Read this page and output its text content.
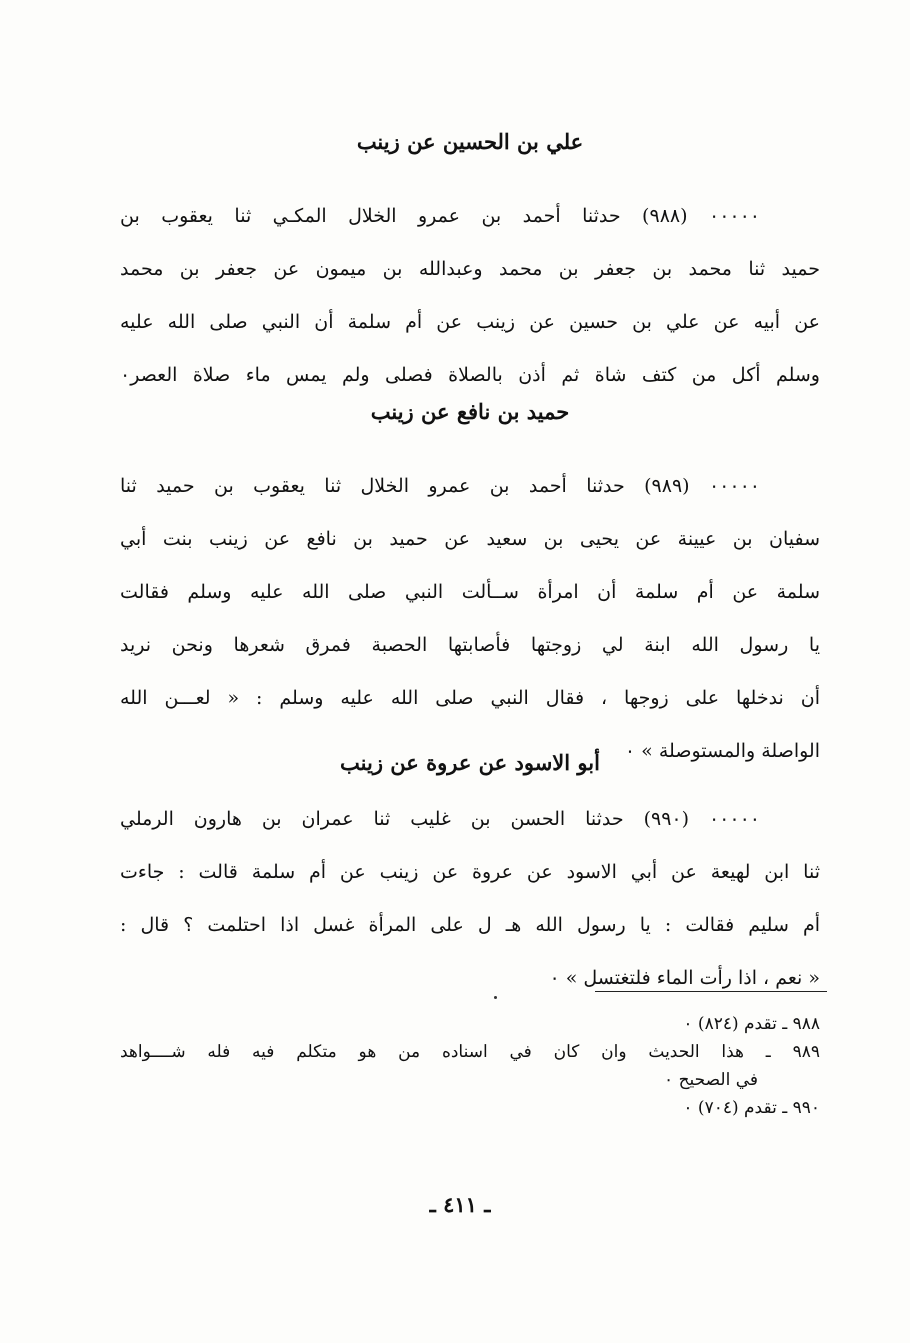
علي بن الحسين عن زينب
٠٠٠٠٠ (٩٨٨) حدثنا أحمد بن عمرو الخلال المكـي ثنا يعقوب بن
حميد ثنا محمد بن جعفر بن محمد وعبدالله بن ميمون عن جعفر بن محمد
عن أبيه عن علي بن حسين عن زينب عن أم سلمة أن النبي صلى الله عليه
وسلم أكل من كتف شاة ثم أذن بالصلاة فصلى ولم يمس ماء صلاة العصر٠
حميد بن نافع عن زينب
٠٠٠٠٠ (٩٨٩) حدثنا أحمد بن عمرو الخلال ثنا يعقوب بن حميد ثنا
سفيان بن عيينة عن يحيى بن سعيد عن حميد بن نافع عن زينب بنت أبي
سلمة عن أم سلمة أن امرأة ســألت النبي صلى الله عليه وسلم فقالت
يا رسول الله ابنة لي زوجتها فأصابتها الحصبة فمرق شعرها ونحن نريد
أن ندخلها على زوجها ، فقال النبي صلى الله عليه وسلم : « لعـــن الله
الواصلة والمستوصلة » ٠
أبو الاسود عن عروة عن زينب
٠٠٠٠٠ (٩٩٠) حدثنا الحسن بن غليب ثنا عمران بن هارون الرملي
ثنا ابن لهيعة عن أبي الاسود عن عروة عن زينب عن أم سلمة قالت : جاءت
أم سليم فقالت : يا رسول الله هـ ل على المرأة غسل اذا احتلمت ؟ قال :
« نعم ، اذا رأت الماء فلتغتسل » ٠
٩٨٨ ـ تقدم (٨٢٤) ٠
٩٨٩ ـ هذا الحديث وان كان في اسناده من هو متكلم فيه فله شــــواهد
في الصحيح ٠
٩٩٠ ـ تقدم (٧٠٤) ٠
ـ ٤١١ ـ
